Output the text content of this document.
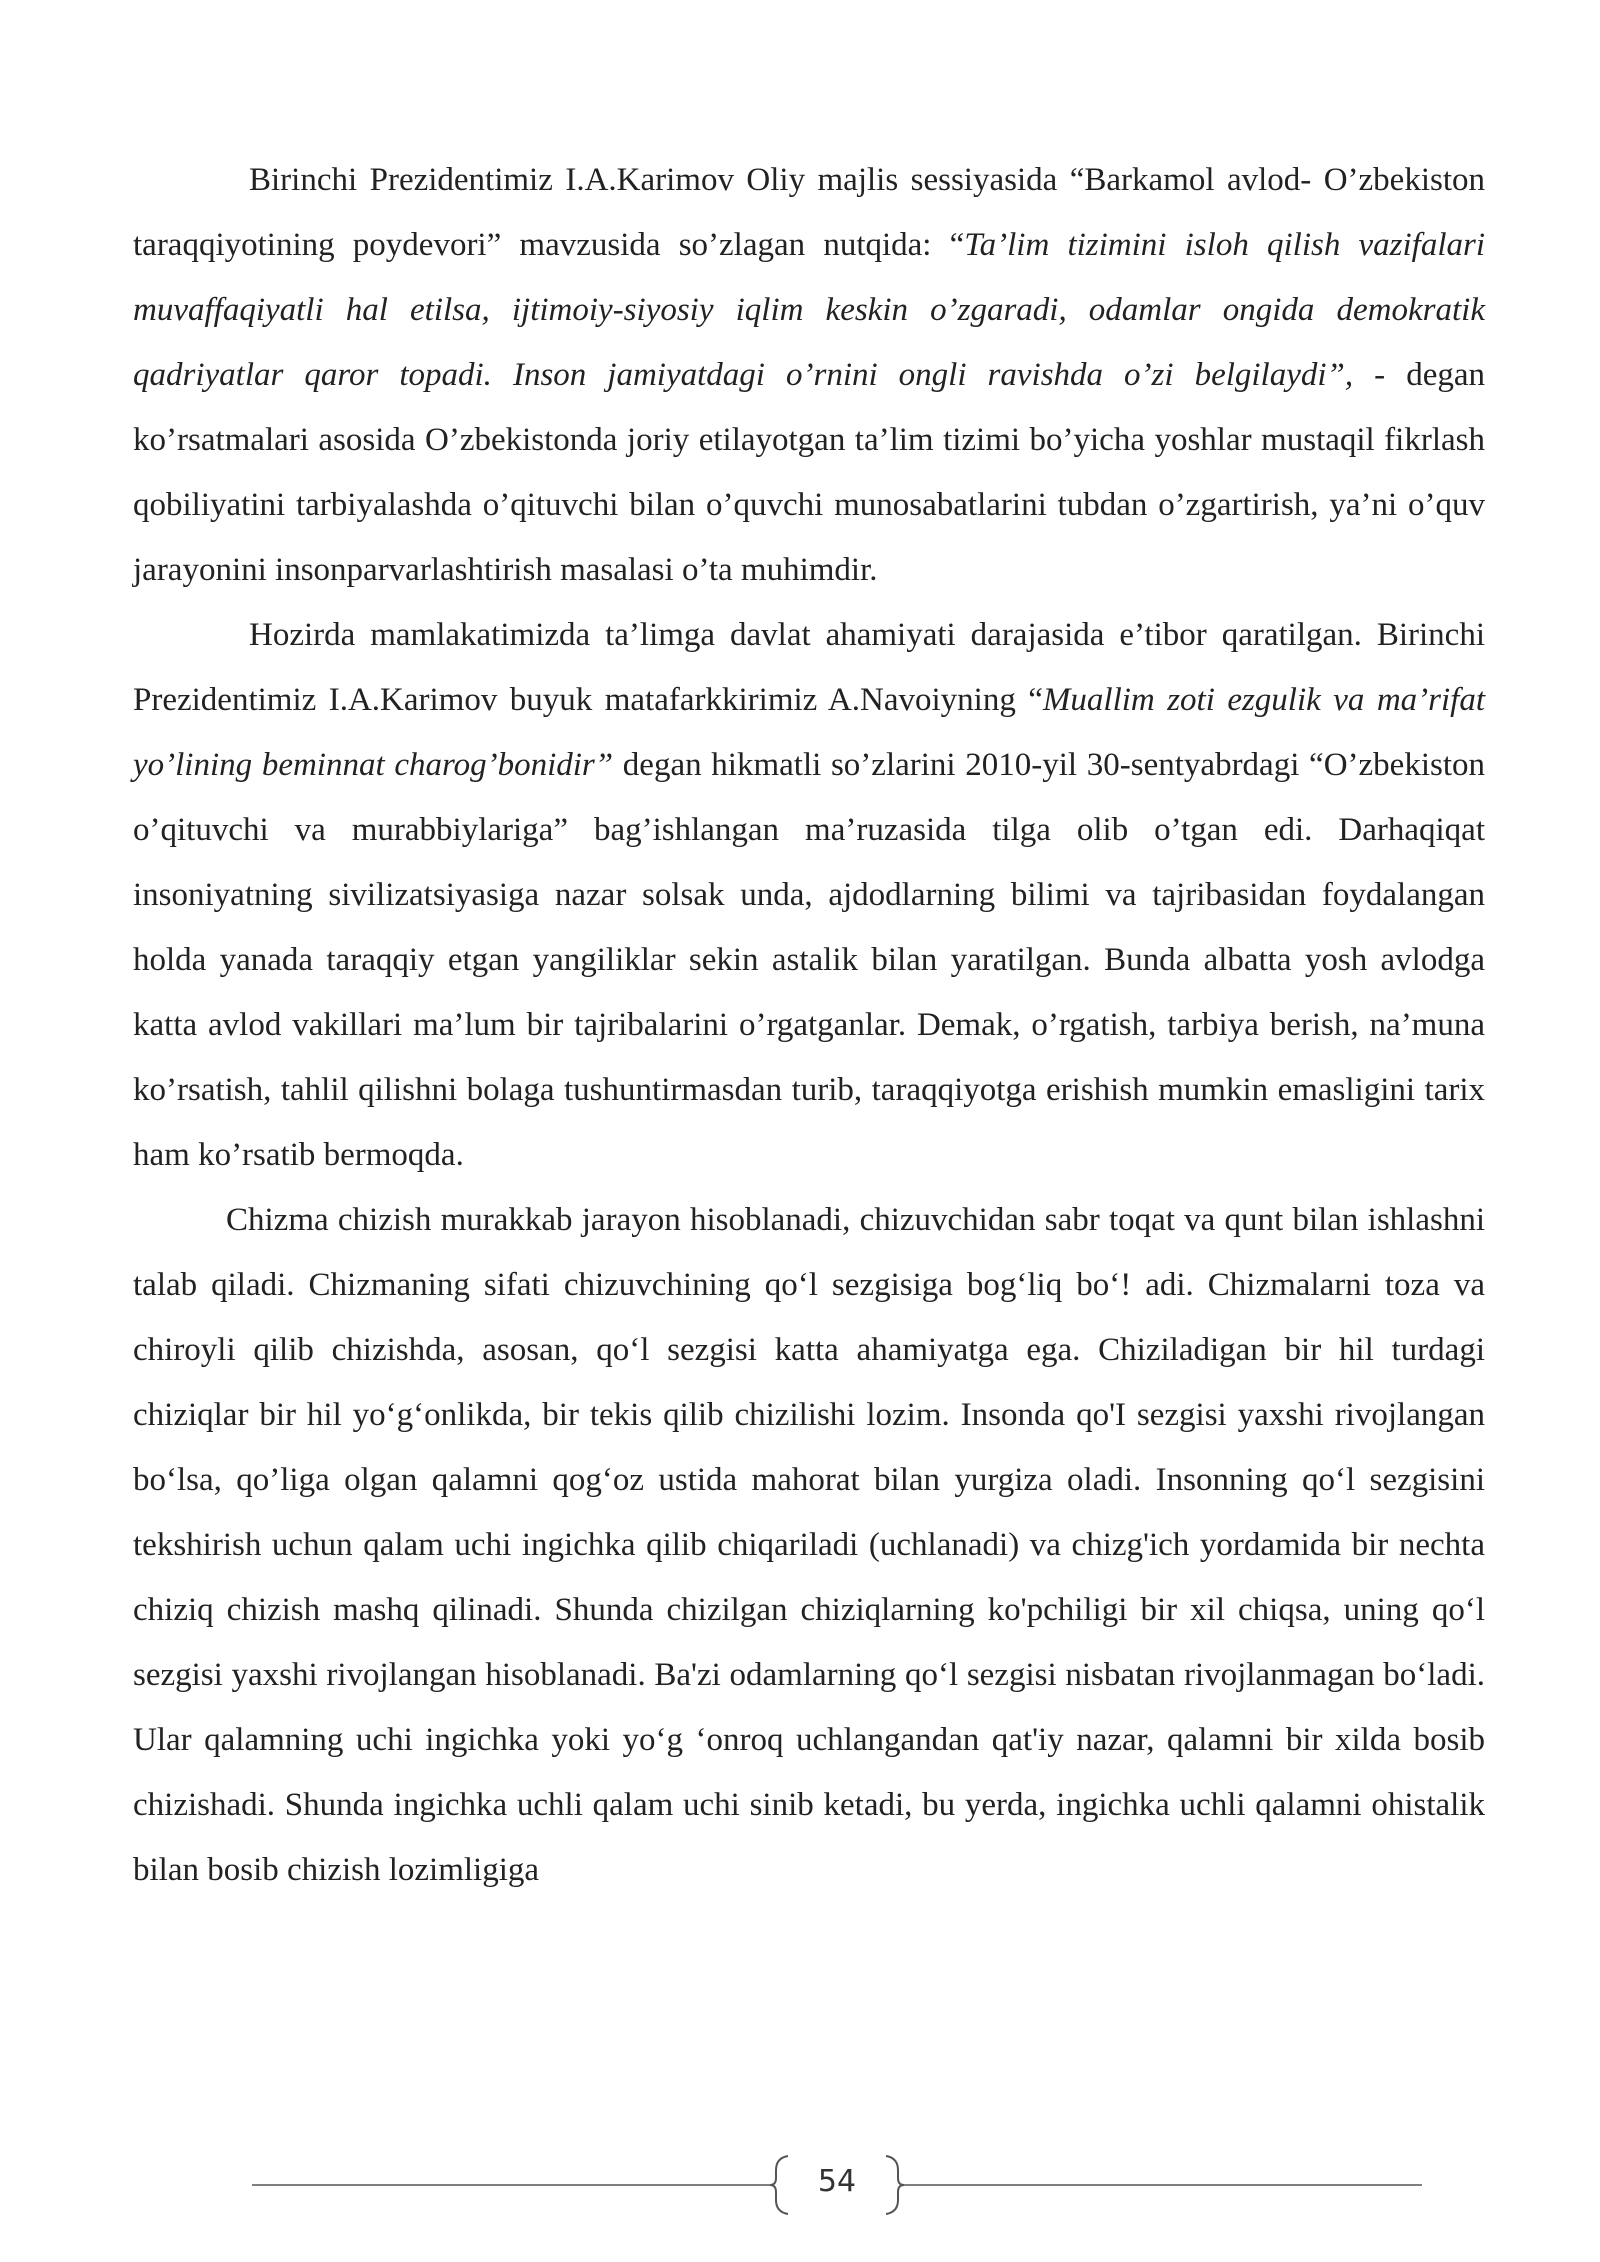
Birinchi Prezidentimiz I.A.Karimov Oliy majlis sessiyasida “Barkamol avlod- O’zbekiston taraqqiyotining poydevori” mavzusida so’zlagan nutqida: “Ta’lim tizimini isloh qilish vazifalari muvaffaqiyatli hal etilsa, ijtimoiy-siyosiy iqlim keskin o’zgaradi, odamlar ongida demokratik qadriyatlar qaror topadi. Inson jamiyatdagi o’rnini ongli ravishda o’zi belgilaydi”, - degan ko’rsatmalari asosida O’zbekistonda joriy etilayotgan ta’lim tizimi bo’yicha yoshlar mustaqil fikrlash qobiliyatini tarbiyalashda o’qituvchi bilan o’quvchi munosabatlarini tubdan o’zgartirish, ya’ni o’quv jarayonini insonparvarlashtirish masalasi o’ta muhimdir.

Hozirda mamlakatimizda ta’limga davlat ahamiyati darajasida e’tibor qaratilgan. Birinchi Prezidentimiz I.A.Karimov buyuk matafarkkirimiz A.Navoiyning “Muallim zoti ezgulik va ma’rifat yo’lining beminnat charog’bonidir” degan hikmatli so’zlarini 2010-yil 30-sentyabrdagi “O’zbekiston o’qituvchi va murabbiylariga” bag’ishlangan ma’ruzasida tilga olib o’tgan edi. Darhaqiqat insoniyatning sivilizatsiyasiga nazar solsak unda, ajdodlarning bilimi va tajribasidan foydalangan holda yanada taraqqiy etgan yangiliklar sekin astalik bilan yaratilgan. Bunda albatta yosh avlodga katta avlod vakillari ma’lum bir tajribalarini o’rgatganlar. Demak, o’rgatish, tarbiya berish, na’muna ko’rsatish, tahlil qilishni bolaga tushuntirmasdan turib, taraqqiyotga erishish mumkin emasligini tarix ham ko’rsatib bermoqda.

Chizma chizish murakkab jarayon hisoblanadi, chizuvchidan sabr toqat va qunt bilan ishlashni talab qiladi. Chizmaning sifati chizuvchining qo‘l sezgisiga bog‘liq bo‘! adi. Chizmalarni toza va chiroyli qilib chizishda, asosan, qo‘l sezgisi katta ahamiyatga ega. Chiziladigan bir hil turdagi chiziqlar bir hil yo‘g‘onlikda, bir tekis qilib chizilishi lozim. Insonda qo'I sezgisi yaxshi rivojlangan bo‘lsa, qo’liga olgan qalamni qog‘oz ustida mahorat bilan yurgiza oladi. Insonning qo‘l sezgisini tekshirish uchun qalam uchi ingichka qilib chiqariladi (uchlanadi) va chizg'ich yordamida bir nechta chiziq chizish mashq qilinadi. Shunda chizilgan chiziqlarning ko'pchiligi bir xil chiqsa, uning qo‘l sezgisi yaxshi rivojlangan hisoblanadi. Ba'zi odamlarning qo‘l sezgisi nisbatan rivojlanmagan bo‘ladi. Ular qalamning uchi ingichka yoki yo‘g ‘onroq uchlangandan qat'iy nazar, qalamni bir xilda bosib chizishadi. Shunda ingichka uchli qalam uchi sinib ketadi, bu yerda, ingichka uchli qalamni ohistalik bilan bosib chizish lozimligiga

54
